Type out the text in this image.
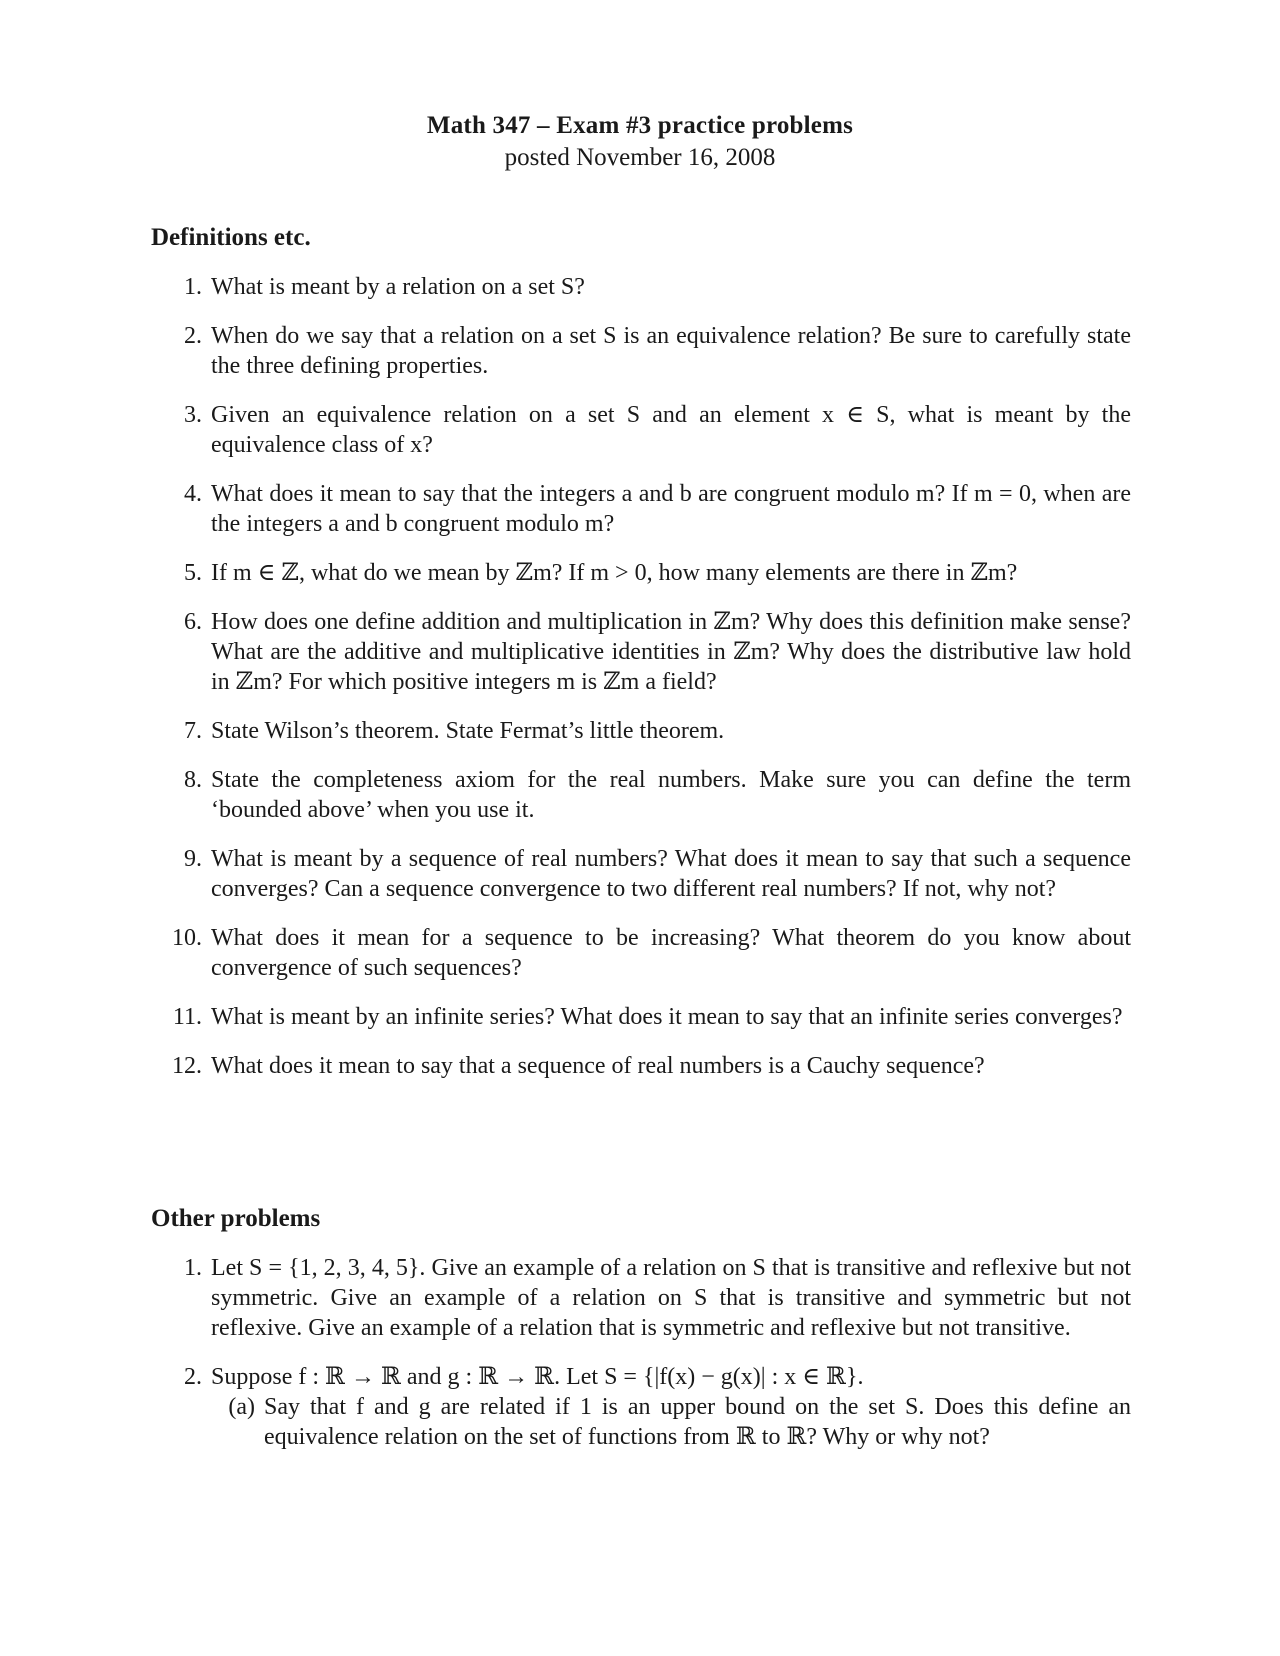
Math 347 – Exam #3 practice problems
posted November 16, 2008
Definitions etc.
1. What is meant by a relation on a set S?
2. When do we say that a relation on a set S is an equivalence relation? Be sure to carefully state the three defining properties.
3. Given an equivalence relation on a set S and an element x ∈ S, what is meant by the equivalence class of x?
4. What does it mean to say that the integers a and b are congruent modulo m? If m = 0, when are the integers a and b congruent modulo m?
5. If m ∈ ℤ, what do we mean by ℤm? If m > 0, how many elements are there in ℤm?
6. How does one define addition and multiplication in ℤm? Why does this definition make sense? What are the additive and multiplicative identities in ℤm? Why does the distributive law hold in ℤm? For which positive integers m is ℤm a field?
7. State Wilson’s theorem. State Fermat’s little theorem.
8. State the completeness axiom for the real numbers. Make sure you can define the term ‘bounded above’ when you use it.
9. What is meant by a sequence of real numbers? What does it mean to say that such a sequence converges? Can a sequence convergence to two different real numbers? If not, why not?
10. What does it mean for a sequence to be increasing? What theorem do you know about convergence of such sequences?
11. What is meant by an infinite series? What does it mean to say that an infinite series converges?
12. What does it mean to say that a sequence of real numbers is a Cauchy sequence?
Other problems
1. Let S = {1, 2, 3, 4, 5}. Give an example of a relation on S that is transitive and reflexive but not symmetric. Give an example of a relation on S that is transitive and symmetric but not reflexive. Give an example of a relation that is symmetric and reflexive but not transitive.
2. Suppose f : ℝ → ℝ and g : ℝ → ℝ. Let S = {|f(x) − g(x)| : x ∈ ℝ}.
(a) Say that f and g are related if 1 is an upper bound on the set S. Does this define an equivalence relation on the set of functions from ℝ to ℝ? Why or why not?
